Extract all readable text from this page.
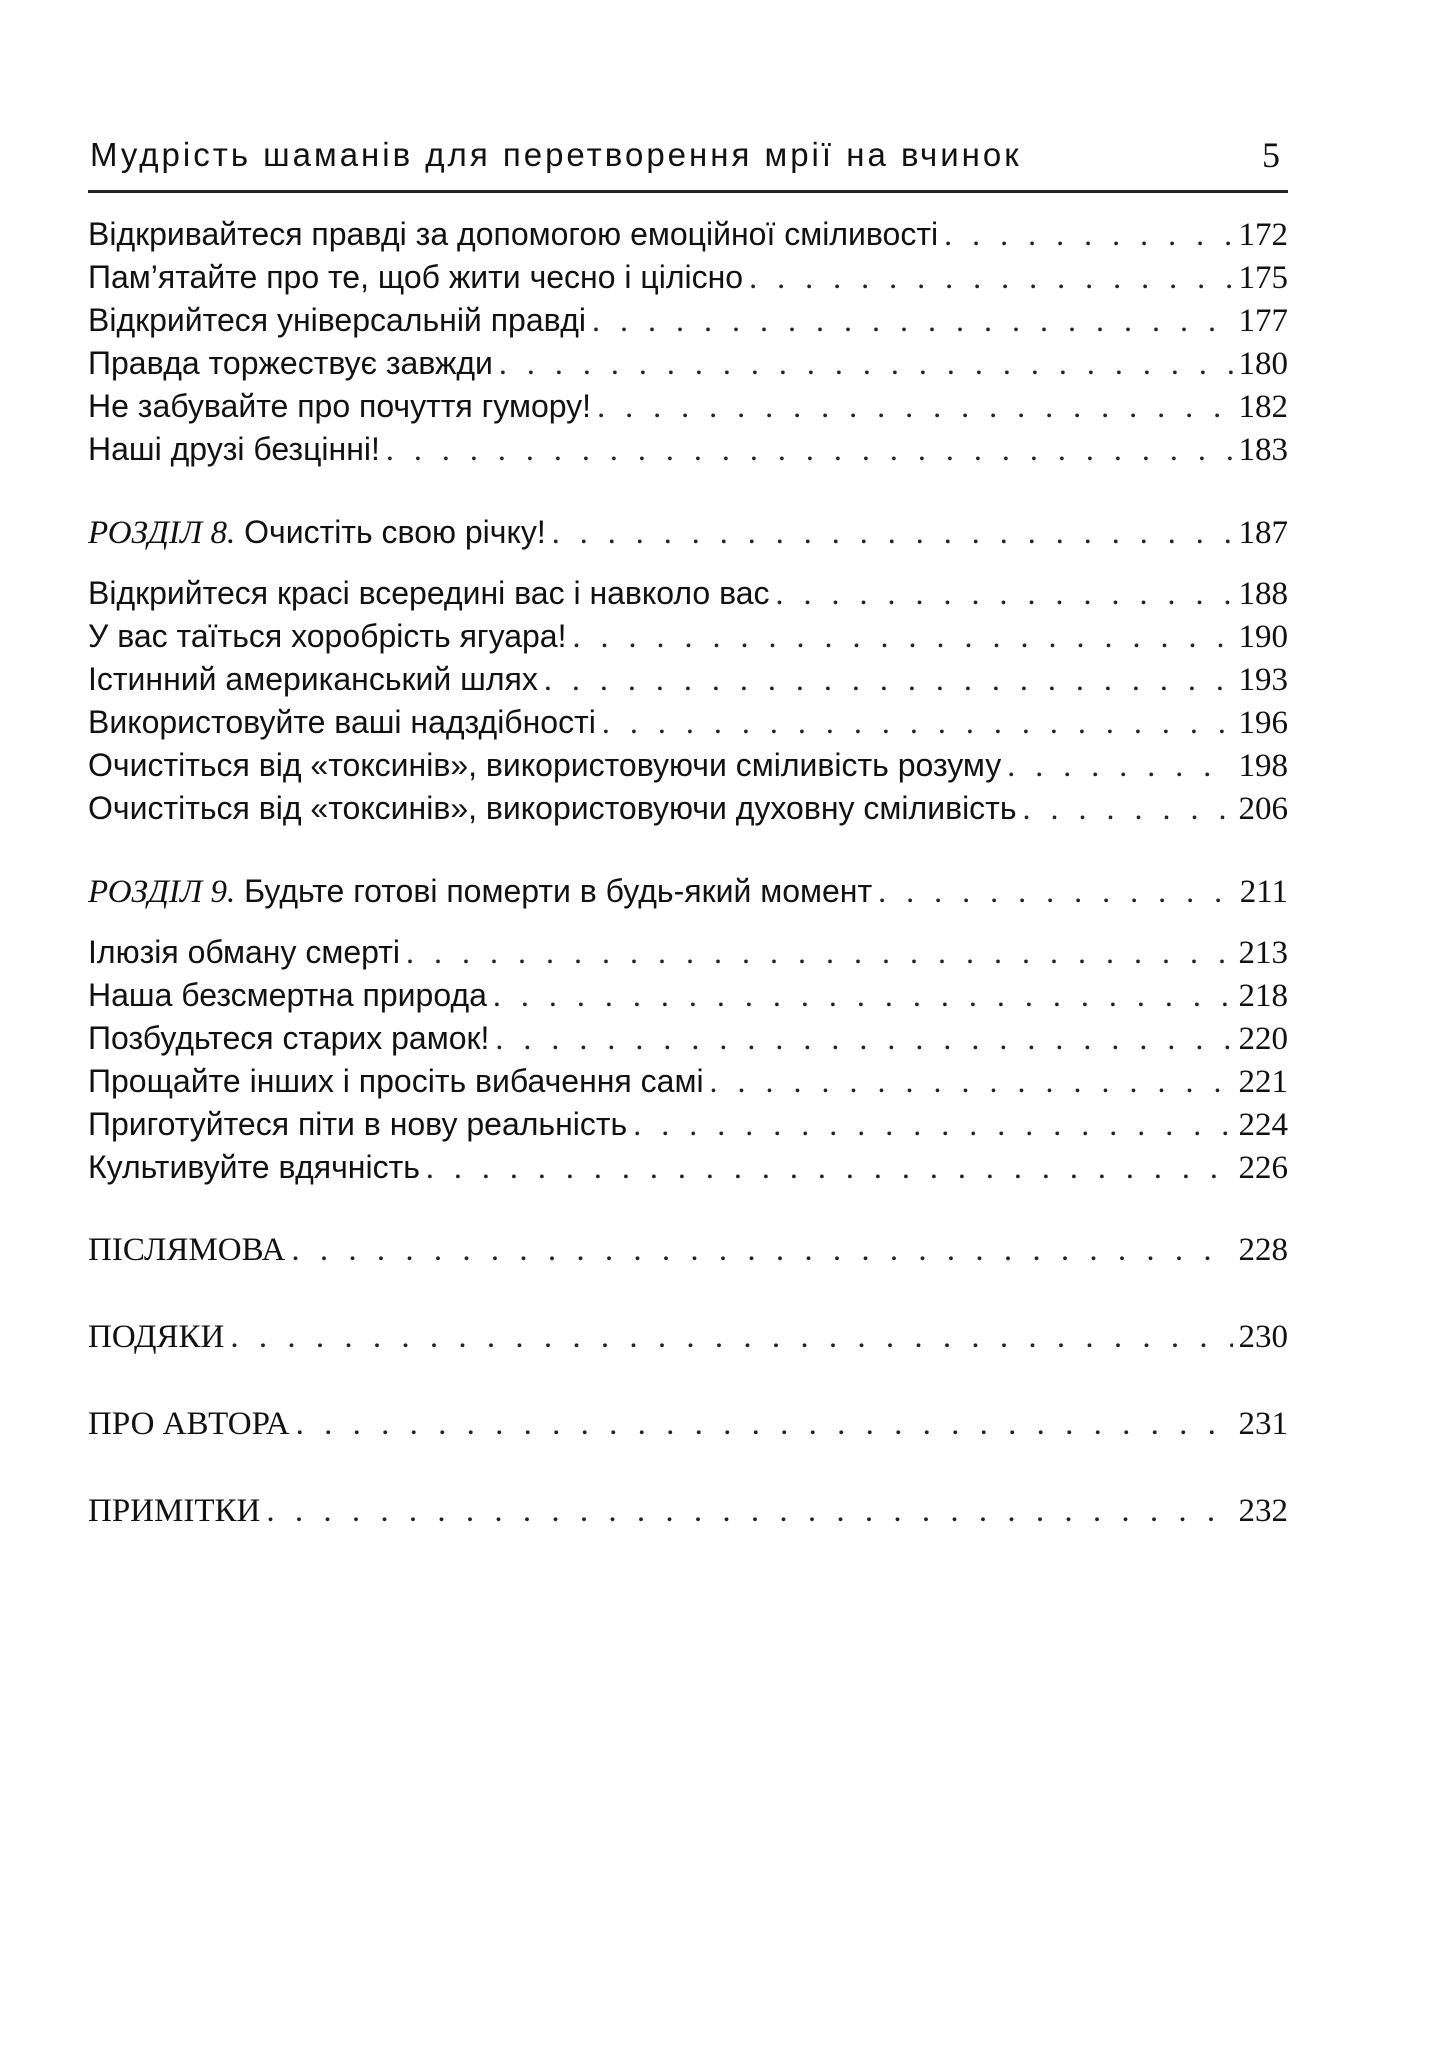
Мудрість шаманів для перетворення мрії на вчинок	5
Відкривайтеся правді за допомогою емоційної сміливості . . .	172
Пам’ятайте про те, щоб жити чесно і цілісно . . .	175
Відкрийтеся універсальній правді . . .	177
Правда торжествує завжди . . .	180
Не забувайте про почуття гумору! . . .	182
Наші друзі безцінні! . . .	183
РОЗДІЛ 8. Очистіть свою річку! . . .	187
Відкрийтеся красі всередині вас і навколо вас . . .	188
У вас таїться хоробрість ягуара! . . .	190
Істинний американський шлях . . .	193
Використовуйте ваші надздібності . . .	196
Очистіться від «токсинів», використовуючи сміливість розуму . . .	198
Очистіться від «токсинів», використовуючи духовну сміливість . . .	206
РОЗДІЛ 9. Будьте готові померти в будь-який момент . . .	211
Ілюзія обману смерті . . .	213
Наша безсмертна природа . . .	218
Позбудьтеся старих рамок! . . .	220
Прощайте інших і просіть вибачення самі . . .	221
Приготуйтеся піти в нову реальність . . .	224
Культивуйте вдячність . . .	226
ПІСЛЯМОВА . . .	228
ПОДЯКИ . . .	230
ПРО АВТОРА . . .	231
ПРИМІТКИ . . .	232
